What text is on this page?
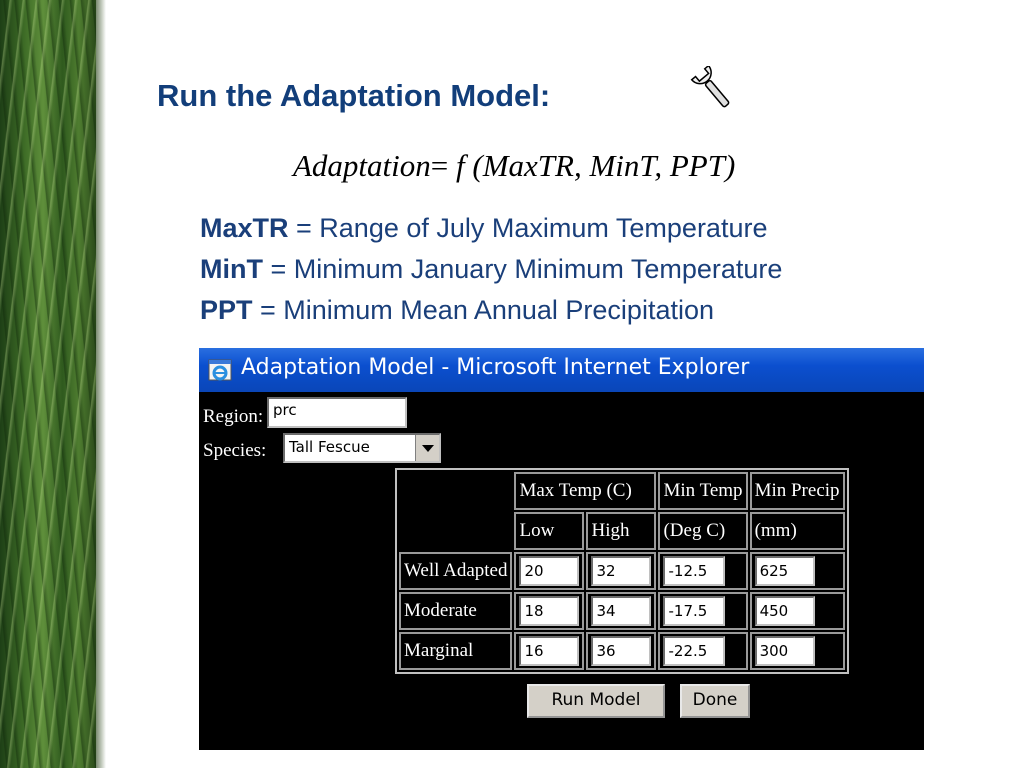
Run the Adaptation Model:
Adaptation= f (MaxTR, MinT, PPT)
MaxTR = Range of July Maximum Temperature
MinT = Minimum January Minimum Temperature
PPT = Minimum Mean Annual Precipitation
Adaptation Model - Microsoft Internet Explorer
Region: prc
Species: Tall Fescue
	Max Temp (C)		Min Temp	Min Precip
	Low	High	(Deg C)	(mm)
Well Adapted	20	32	-12.5	625
Moderate	18	34	-17.5	450
Marginal	16	36	-22.5	300
Run Model	Done
